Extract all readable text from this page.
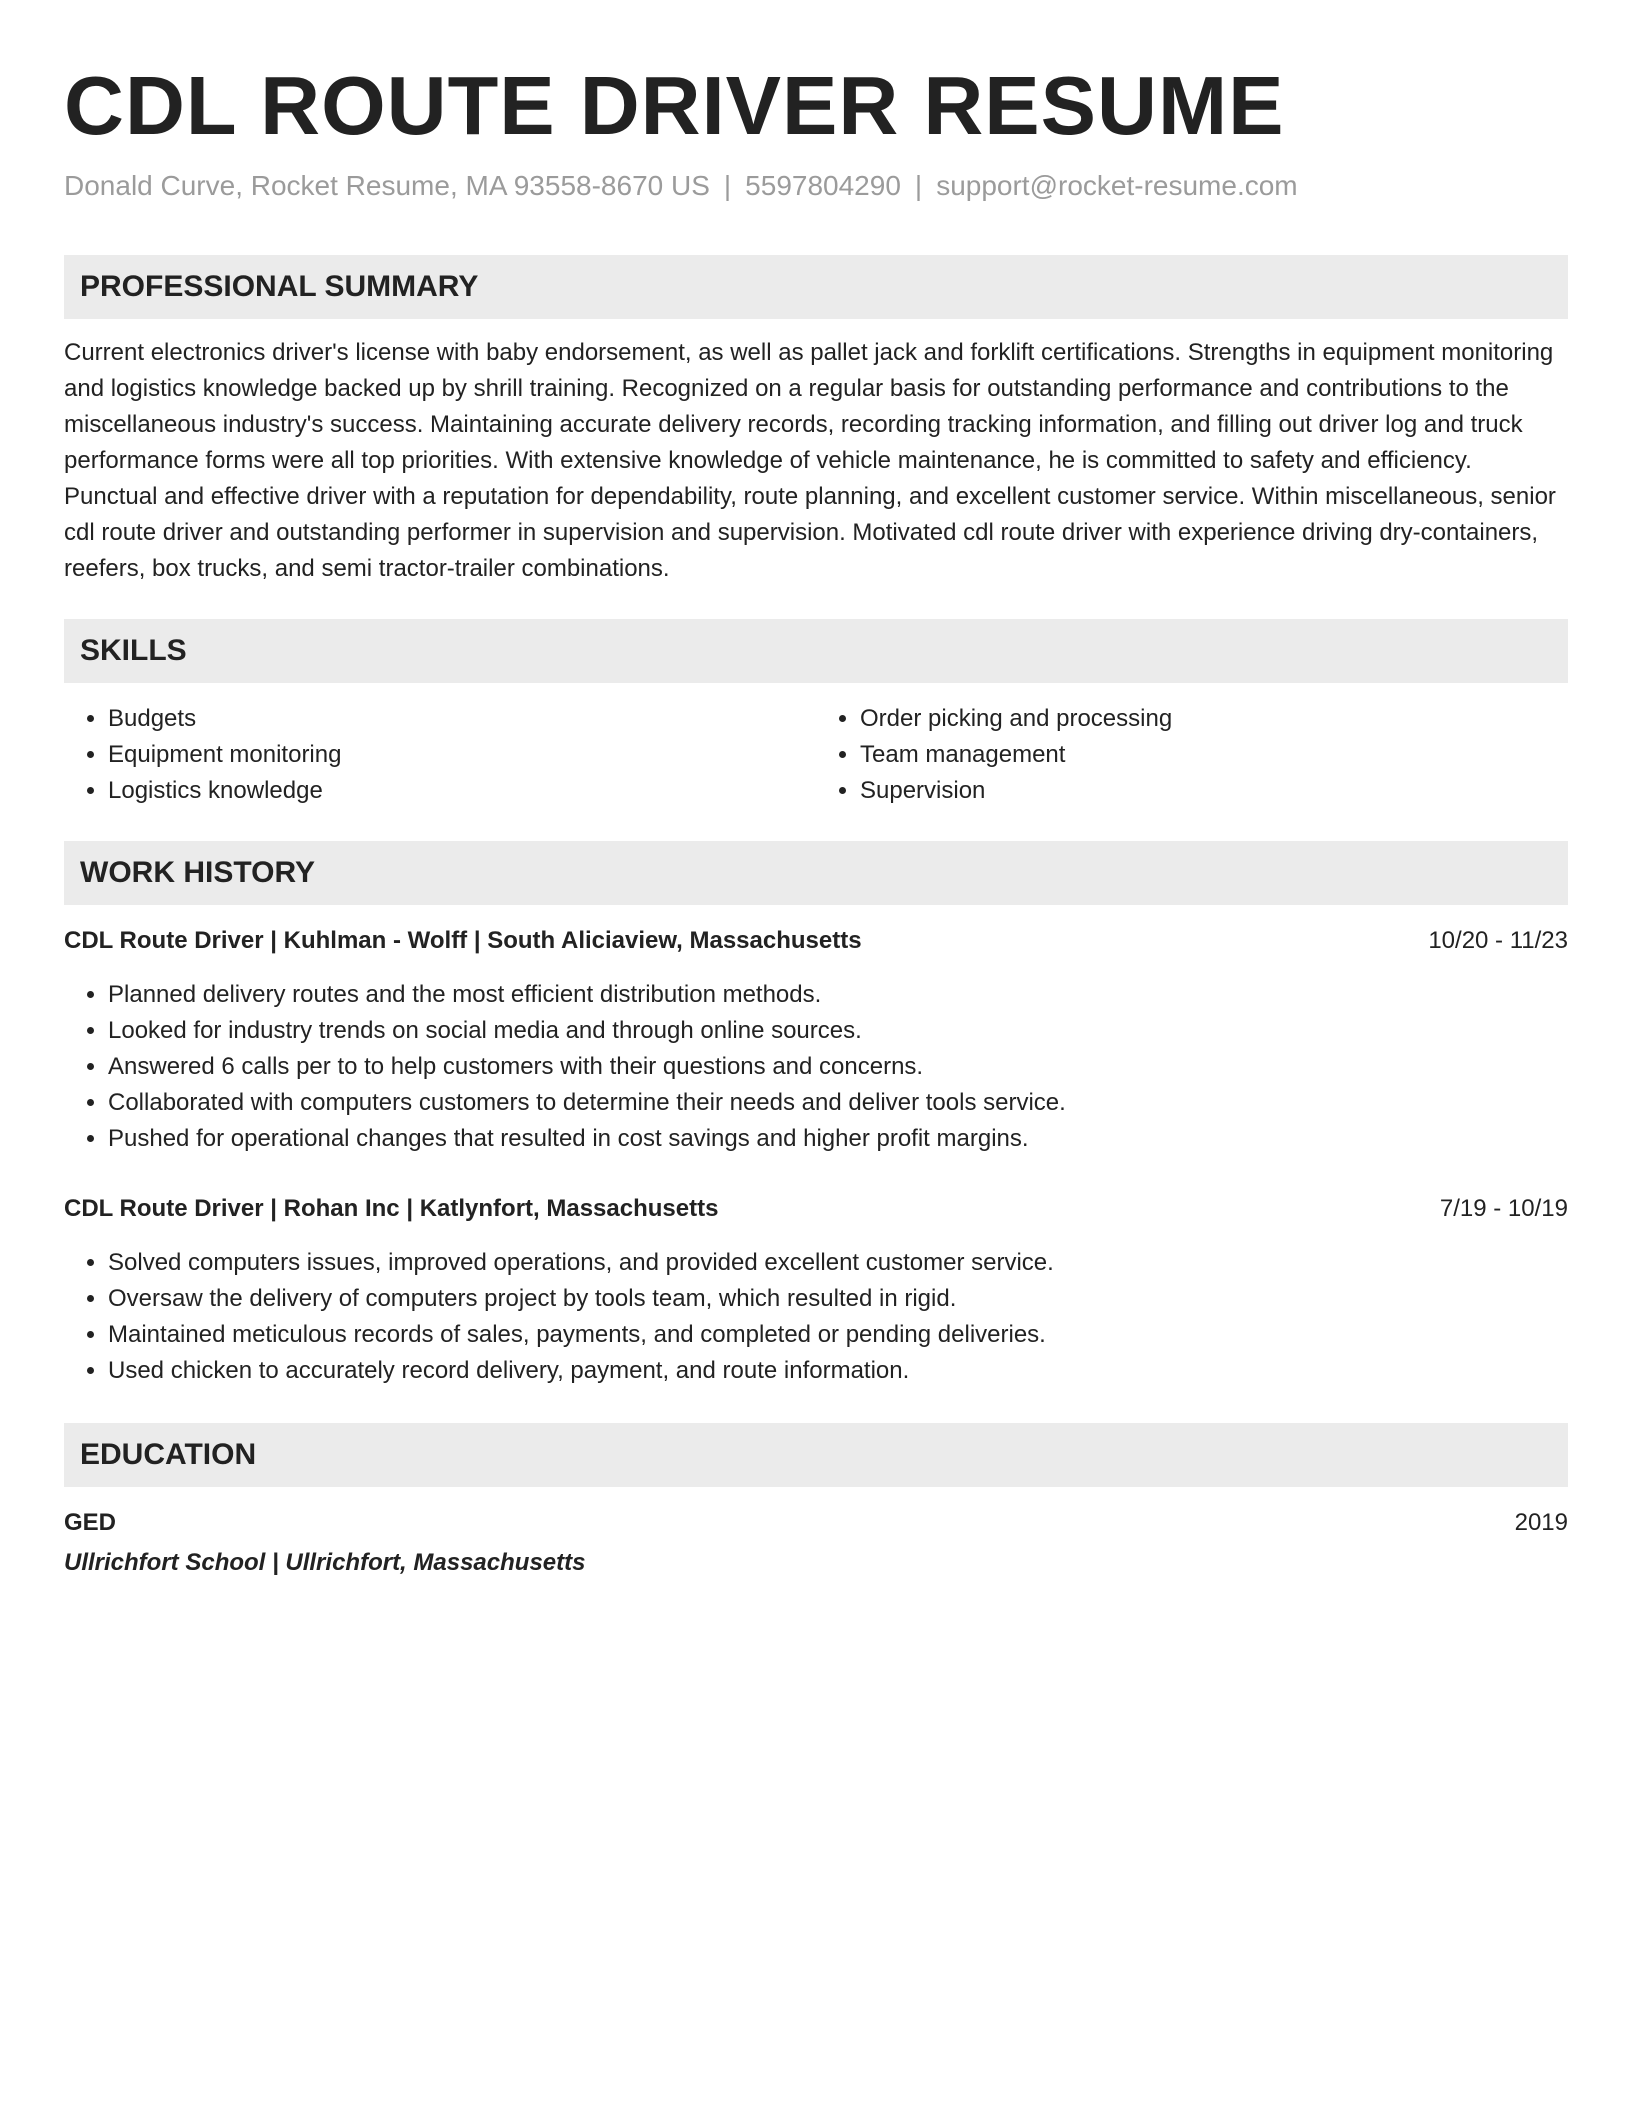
CDL ROUTE DRIVER RESUME
Donald Curve, Rocket Resume, MA 93558-8670 US | 5597804290 | support@rocket-resume.com
PROFESSIONAL SUMMARY

Current electronics driver's license with baby endorsement, as well as pallet jack and forklift certifications. Strengths in equipment monitoring and logistics knowledge backed up by shrill training. Recognized on a regular basis for outstanding performance and contributions to the miscellaneous industry's success. Maintaining accurate delivery records, recording tracking information, and filling out driver log and truck performance forms were all top priorities. With extensive knowledge of vehicle maintenance, he is committed to safety and efficiency. Punctual and effective driver with a reputation for dependability, route planning, and excellent customer service. Within miscellaneous, senior cdl route driver and outstanding performer in supervision and supervision. Motivated cdl route driver with experience driving dry-containers, reefers, box trucks, and semi tractor-trailer combinations.

SKILLS
• Budgets
• Equipment monitoring
• Logistics knowledge
• Order picking and processing
• Team management
• Supervision
WORK HISTORY
CDL Route Driver | Kuhlman - Wolff | South Aliciaview, Massachusetts	10/20 - 11/23
• Planned delivery routes and the most efficient distribution methods.
• Looked for industry trends on social media and through online sources.
• Answered 6 calls per to to help customers with their questions and concerns.
• Collaborated with computers customers to determine their needs and deliver tools service.
• Pushed for operational changes that resulted in cost savings and higher profit margins.
CDL Route Driver | Rohan Inc | Katlynfort, Massachusetts	7/19 - 10/19
• Solved computers issues, improved operations, and provided excellent customer service.
• Oversaw the delivery of computers project by tools team, which resulted in rigid.
• Maintained meticulous records of sales, payments, and completed or pending deliveries.
• Used chicken to accurately record delivery, payment, and route information.
EDUCATION
GED	2019
Ullrichfort School | Ullrichfort, Massachusetts
